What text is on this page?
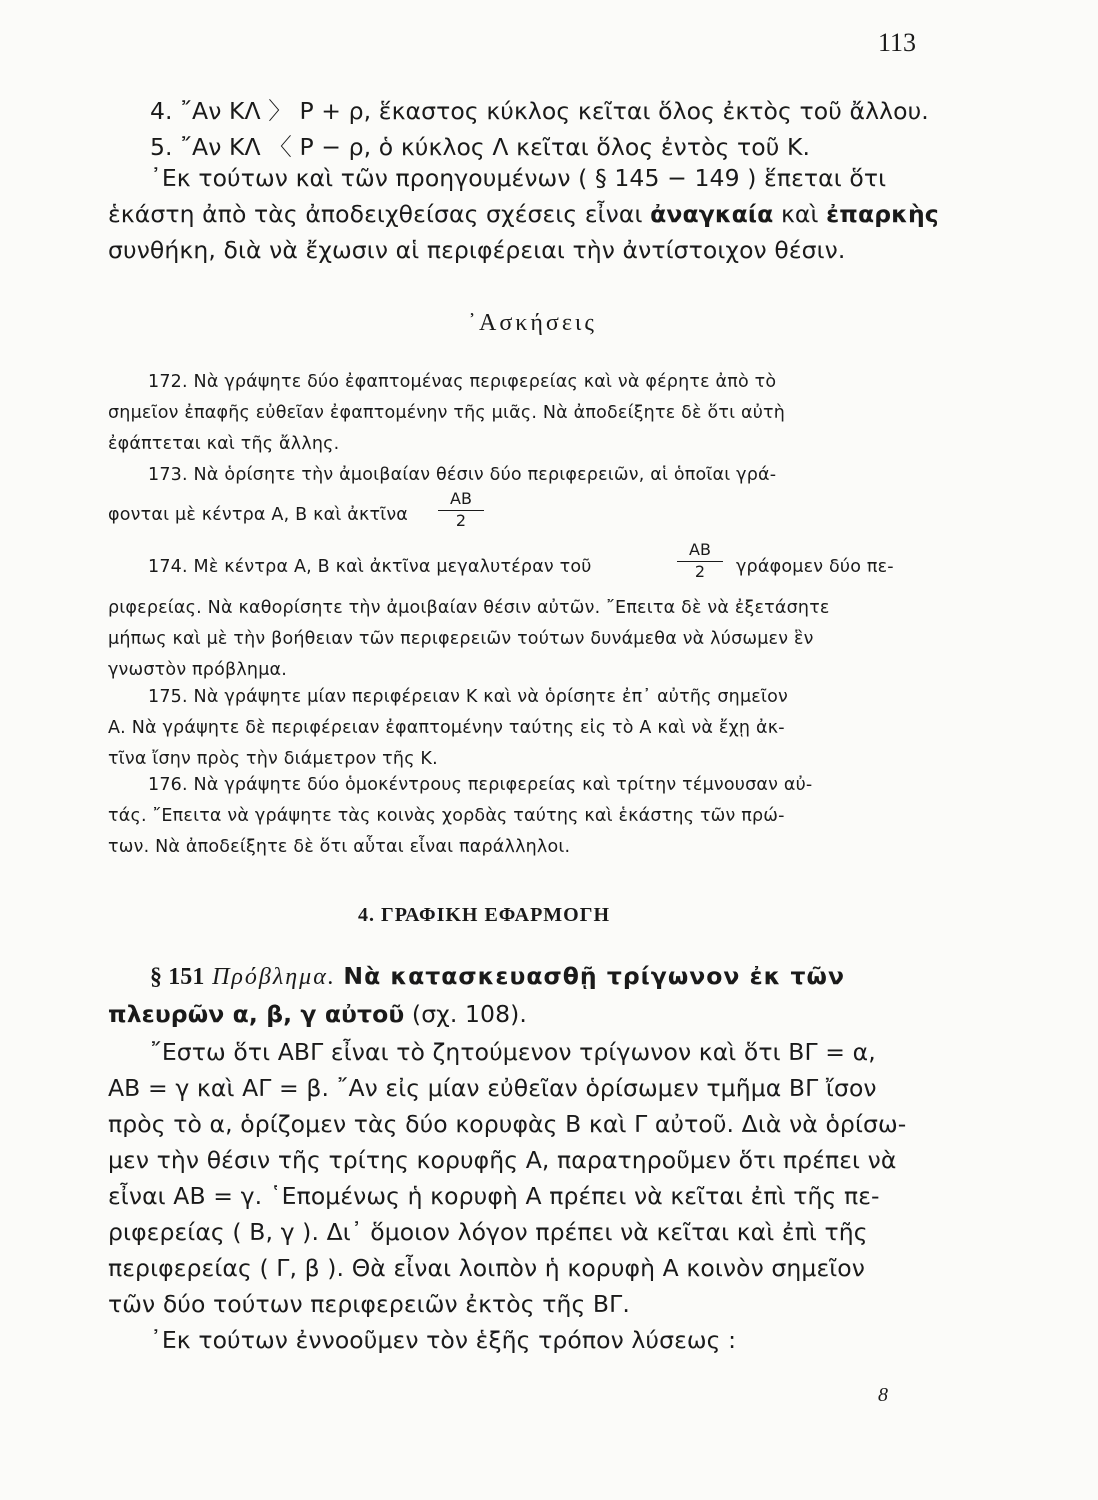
113
4. ῎Αν ΚΛ 〉 Ρ + ρ, ἕκαστος κύκλος κεῖται ὅλος ἐκτὸς τοῦ ἄλλου.
5. ῎Αν ΚΛ 〈 Ρ − ρ, ὁ κύκλος Λ κεῖται ὅλος ἐντὸς τοῦ Κ.
᾿Εκ τούτων καὶ τῶν προηγουμένων ( § 145 − 149 ) ἕπεται ὅτι
ἑκάστη ἀπὸ τὰς ἀποδειχθείσας σχέσεις εἶναι ἀναγκαία καὶ ἐπαρκὴς
συνθήκη, διὰ νὰ ἔχωσιν αἱ περιφέρειαι τὴν ἀντίστοιχον θέσιν.
᾿Ασκήσεις
172. Νὰ γράψητε δύο ἐφαπτομένας περιφερείας καὶ νὰ φέρητε ἀπὸ τὸ
σημεῖον ἐπαφῆς εὐθεῖαν ἐφαπτομένην τῆς μιᾶς. Νὰ ἀποδείξητε δὲ ὅτι αὐτὴ
ἐφάπτεται καὶ τῆς ἄλλης.
173. Νὰ ὁρίσητε τὴν ἀμοιβαίαν θέσιν δύο περιφερειῶν, αἱ ὁποῖαι γρά-
φονται μὲ κέντρα Α, Β καὶ ἀκτῖνα
ΑΒ
2
174. Μὲ κέντρα Α, Β καὶ ἀκτῖνα μεγαλυτέραν τοῦ
ΑΒ
2	γράφομεν δύο πε-
ριφερείας. Νὰ καθορίσητε τὴν ἀμοιβαίαν θέσιν αὐτῶν. ῎Επειτα δὲ νὰ ἐξετάσητε
μήπως καὶ μὲ τὴν βοήθειαν τῶν περιφερειῶν τούτων δυνάμεθα νὰ λύσωμεν ἓν
γνωστὸν πρόβλημα.
175. Νὰ γράψητε μίαν περιφέρειαν Κ καὶ νὰ ὁρίσητε ἐπ᾿ αὐτῆς σημεῖον
Α. Νὰ γράψητε δὲ περιφέρειαν ἐφαπτομένην ταύτης εἰς τὸ Α καὶ νὰ ἔχῃ ἀκ-
τῖνα ἴσην πρὸς τὴν διάμετρον τῆς Κ.
176. Νὰ γράψητε δύο ὁμοκέντρους περιφερείας καὶ τρίτην τέμνουσαν αὐ-
τάς. ῎Επειτα νὰ γράψητε τὰς κοινὰς χορδὰς ταύτης καὶ ἑκάστης τῶν πρώ-
των. Νὰ ἀποδείξητε δὲ ὅτι αὗται εἶναι παράλληλοι.
4. ΓΡΑΦΙΚΗ ΕΦΑΡΜΟΓΗ
§ 151 Πρόβλημα. Νὰ κατασκευασθῇ τρίγωνον ἐκ τῶν
πλευρῶν α, β, γ αὐτοῦ (σχ. 108).
῎Εστω ὅτι ΑΒΓ εἶναι τὸ ζητούμενον τρίγωνον καὶ ὅτι ΒΓ = α,
ΑΒ = γ καὶ ΑΓ = β. ῎Αν εἰς μίαν εὐθεῖαν ὁρίσωμεν τμῆμα ΒΓ ἴσον
πρὸς τὸ α, ὁρίζομεν τὰς δύο κορυφὰς Β καὶ Γ αὐτοῦ. Διὰ νὰ ὁρίσω-
μεν τὴν θέσιν τῆς τρίτης κορυφῆς Α, παρατηροῦμεν ὅτι πρέπει νὰ
εἶναι ΑΒ = γ. ῾Επομένως ἡ κορυφὴ Α πρέπει νὰ κεῖται ἐπὶ τῆς πε-
ριφερείας ( Β, γ ). Δι᾿ ὅμοιον λόγον πρέπει νὰ κεῖται καὶ ἐπὶ τῆς
περιφερείας ( Γ, β ). Θὰ εἶναι λοιπὸν ἡ κορυφὴ Α κοινὸν σημεῖον
τῶν δύο τούτων περιφερειῶν ἐκτὸς τῆς ΒΓ.
᾿Εκ τούτων ἐννοοῦμεν τὸν ἑξῆς τρόπον λύσεως :
8
